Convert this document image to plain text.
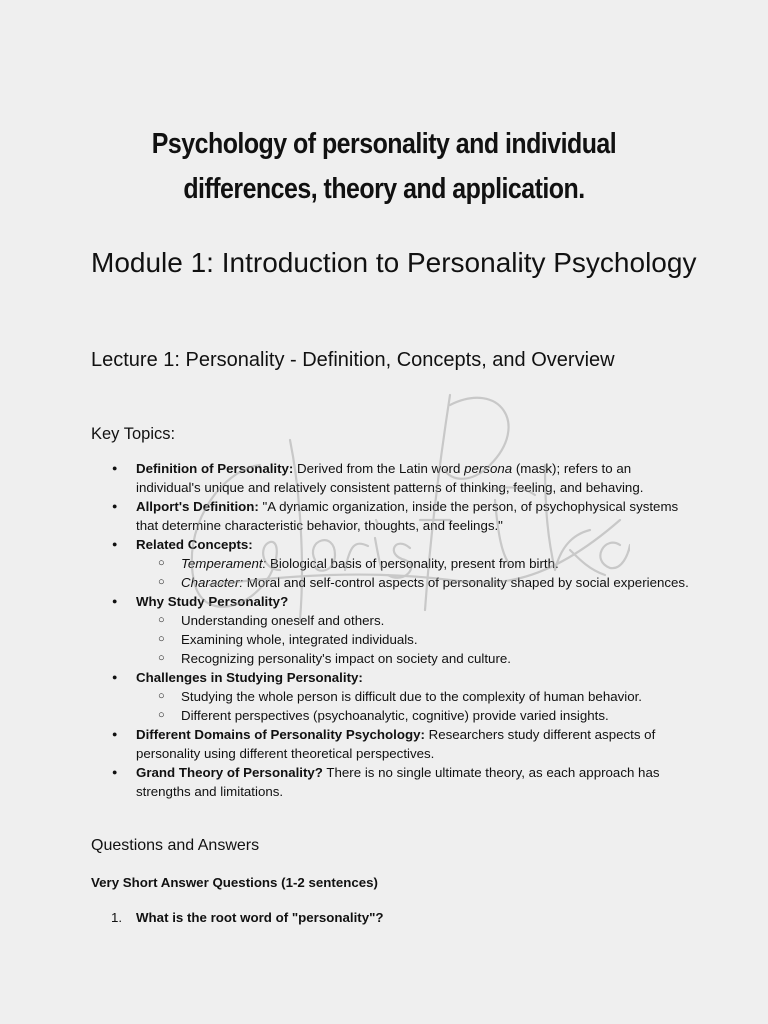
Psychology of personality and individual
differences, theory and application.
Module 1: Introduction to Personality Psychology
Lecture 1: Personality - Definition, Concepts, and Overview
Key Topics:
● Definition of Personality: Derived from the Latin word persona (mask); refers to an individual's unique and relatively consistent patterns of thinking, feeling, and behaving.
● Allport's Definition: "A dynamic organization, inside the person, of psychophysical systems that determine characteristic behavior, thoughts, and feelings."
● Related Concepts:
○ Temperament: Biological basis of personality, present from birth.
○ Character: Moral and self-control aspects of personality shaped by social experiences.
● Why Study Personality?
○ Understanding oneself and others.
○ Examining whole, integrated individuals.
○ Recognizing personality's impact on society and culture.
● Challenges in Studying Personality:
○ Studying the whole person is difficult due to the complexity of human behavior.
○ Different perspectives (psychoanalytic, cognitive) provide varied insights.
● Different Domains of Personality Psychology: Researchers study different aspects of personality using different theoretical perspectives.
● Grand Theory of Personality? There is no single ultimate theory, as each approach has strengths and limitations.
Questions and Answers
Very Short Answer Questions (1-2 sentences)
1. What is the root word of "personality"?
